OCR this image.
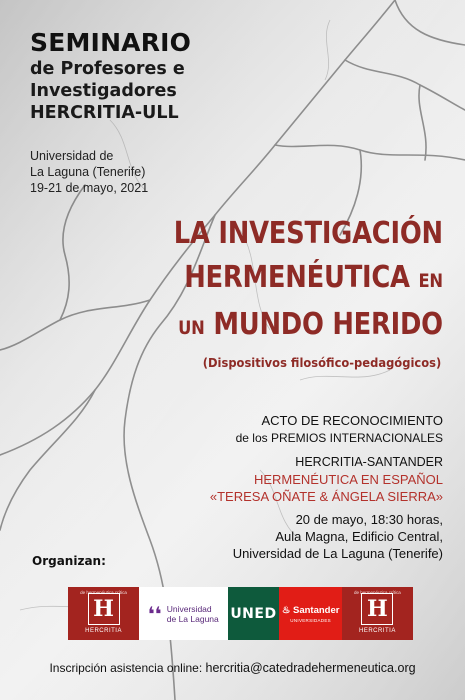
SEMINARIO
de Profesores e
Investigadores
HERCRITIA-ULL
Universidad de
La Laguna (Tenerife)
19-21 de mayo, 2021
LA INVESTIGACIÓN
HERMENÉUTICA EN
UN MUNDO HERIDO
(Dispositivos filosófico-pedagógicos)
ACTO DE RECONOCIMIENTO
de los PREMIOS INTERNACIONALES
HERCRITIA-SANTANDER
HERMENÉUTICA EN ESPAÑOL
«TERESA OÑATE & ÁNGELA SIERRA»
20 de mayo, 18:30 horas,
Aula Magna, Edificio Central,
Universidad de La Laguna (Tenerife)
Organizan:
de hermenéutica crítica
H
HERCRITIA
❛❛ Universidad
de La Laguna UNED ♨ Santander
UNIVERSIDADES
de hermenéutica crítica
H
HERCRITIA
Inscripción asistencia online: hercritia@catedradehermeneutica.org
